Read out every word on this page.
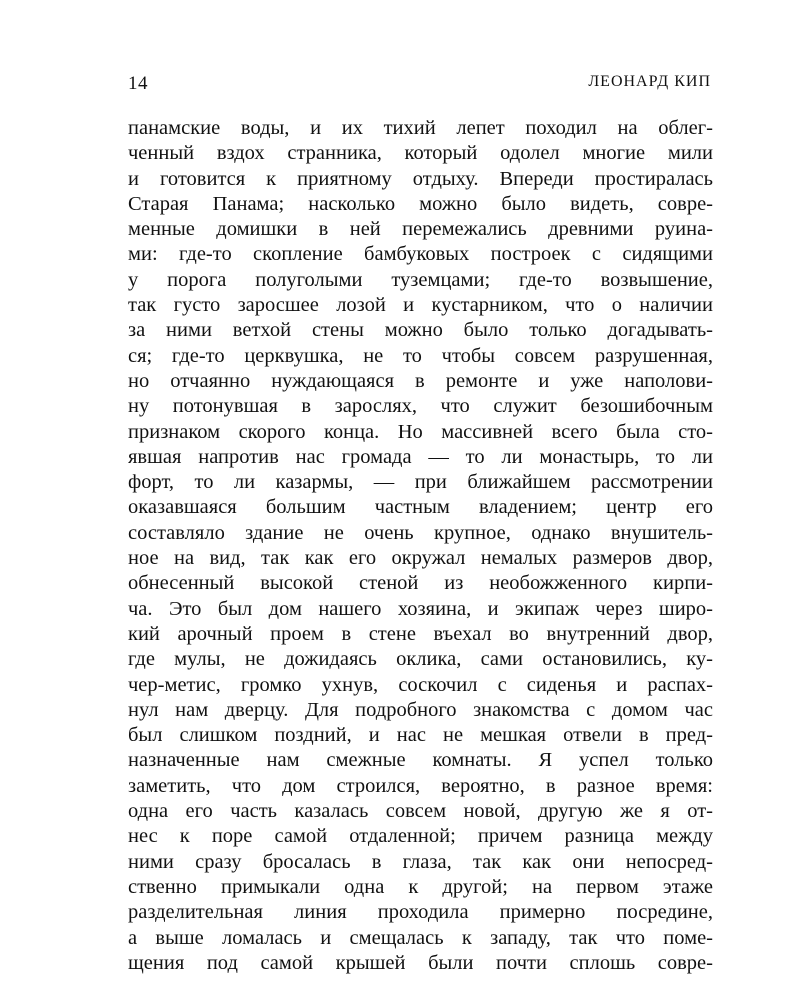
14	ЛЕОНАРД КИП
панамские воды, и их тихий лепет походил на облег-
ченный вздох странника, который одолел многие мили
и готовится к приятному отдыху. Впереди простиралась
Старая Панама; насколько можно было видеть, совре-
менные домишки в ней перемежались древними руина-
ми: где-то скопление бамбуковых построек с сидящими
у порога полуголыми туземцами; где-то возвышение,
так густо заросшее лозой и кустарником, что о наличии
за ними ветхой стены можно было только догадывать-
ся; где-то церквушка, не то чтобы совсем разрушенная,
но отчаянно нуждающаяся в ремонте и уже наполови-
ну потонувшая в зарослях, что служит безошибочным
признаком скорого конца. Но массивней всего была сто-
явшая напротив нас громада — то ли монастырь, то ли
форт, то ли казармы, — при ближайшем рассмотрении
оказавшаяся большим частным владением; центр его
составляло здание не очень крупное, однако внушитель-
ное на вид, так как его окружал немалых размеров двор,
обнесенный высокой стеной из необожженного кирпи-
ча. Это был дом нашего хозяина, и экипаж через широ-
кий арочный проем в стене въехал во внутренний двор,
где мулы, не дожидаясь оклика, сами остановились, ку-
чер-метис, громко ухнув, соскочил с сиденья и распах-
нул нам дверцу. Для подробного знакомства с домом час
был слишком поздний, и нас не мешкая отвели в пред-
назначенные нам смежные комнаты. Я успел только
заметить, что дом строился, вероятно, в разное время:
одна его часть казалась совсем новой, другую же я от-
нес к поре самой отдаленной; причем разница между
ними сразу бросалась в глаза, так как они непосред-
ственно примыкали одна к другой; на первом этаже
разделительная линия проходила примерно посредине,
а выше ломалась и смещалась к западу, так что поме-
щения под самой крышей были почти сплошь совре-
